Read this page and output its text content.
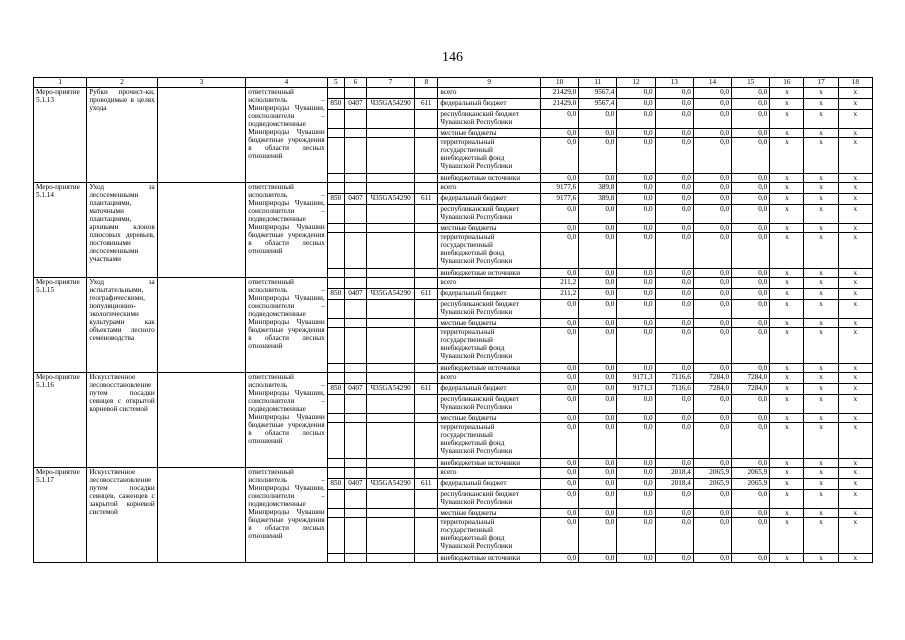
146
1	2	3	4	5	6	7	8	9	10	11	12	13	14	15	16	17	18
Меро-приятие 5.1.13	Рубки прочист-ки, проводимые в целях ухода		ответственный исполнитель – Минприроды Чувашии, соисполнители – подведомственные Минприроды Чувашии бюджетные учреждения в области лесных отношений					всего	21429,0	9567,4	0,0	0,0	0,0	0,0	х	х	х
				850	0407	Ч35GA54290	611	федеральный бюджет	21429,0	9567,4	0,0	0,0	0,0	0,0	х	х	х
								республиканский бюджет Чувашской Республики	0,0	0,0	0,0	0,0	0,0	0,0	х	х	х
								местные бюджеты	0,0	0,0	0,0	0,0	0,0	0,0	х	х	х
								территориальный государственный внебюджетный фонд Чувашской Республики	0,0	0,0	0,0	0,0	0,0	0,0	х	х	х
								внебюджетные источники	0,0	0,0	0,0	0,0	0,0	0,0	х	х	х
Меро-приятие 5.1.14	Уход за лесосеменными плантациями, маточными плантациями, архивами клонов плюсовых деревьев, постоянными лесосеменными участками		ответственный исполнитель – Минприроды Чувашии, соисполнители – подведомственные Минприроды Чувашии бюджетные учреждения в области лесных отношений					всего	9177,6	389,8	0,0	0,0	0,0	0,0	х	х	х
				850	0407	Ч35GA54290	611	федеральный бюджет	9177,6	389,8	0,0	0,0	0,0	0,0	х	х	х
								республиканский бюджет Чувашской Республики	0,0	0,0	0,0	0,0	0,0	0,0	х	х	х
								местные бюджеты	0,0	0,0	0,0	0,0	0,0	0,0	х	х	х
								территориальный государственный внебюджетный фонд Чувашской Республики	0,0	0,0	0,0	0,0	0,0	0,0	х	х	х
								внебюджетные источники	0,0	0,0	0,0	0,0	0,0	0,0	х	х	х
Меро-приятие 5.1.15	Уход за испытательными, географическими, популяционно-экологическими культурами как объектами лесного семеноводства		ответственный исполнитель – Минприроды Чувашии, соисполнители – подведомственные Минприроды Чувашии бюджетные учреждения в области лесных отношений					всего	211,2	0,0	0,0	0,0	0,0	0,0	х	х	х
				850	0407	Ч35GA54290	611	федеральный бюджет	211,2	0,0	0,0	0,0	0,0	0,0	х	х	х
								республиканский бюджет Чувашской Республики	0,0	0,0	0,0	0,0	0,0	0,0	х	х	х
								местные бюджеты	0,0	0,0	0,0	0,0	0,0	0,0	х	х	х
								территориальный государственный внебюджетный фонд Чувашской Республики	0,0	0,0	0,0	0,0	0,0	0,0	х	х	х
								внебюджетные источники	0,0	0,0	0,0	0,0	0,0	0,0	х	х	х
Меро-приятие 5.1.16	Искусственное лесовосстановление путем посадки сеянцев с открытой корневой системой		ответственный исполнитель – Минприроды Чувашии, соисполнители – подведомственные Минприроды Чувашии бюджетные учреждения в области лесных отношений					всего	0,0	0,0	9171,3	7116,6	7284,0	7284,0	х	х	х
				850	0407	Ч35GA54290	611	федеральный бюджет	0,0	0,0	9171,3	7116,6	7284,0	7284,0	х	х	х
								республиканский бюджет Чувашской Республики	0,0	0,0	0,0	0,0	0,0	0,0	х	х	х
								местные бюджеты	0,0	0,0	0,0	0,0	0,0	0,0	х	х	х
								территориальный государственный внебюджетный фонд Чувашской Республики	0,0	0,0	0,0	0,0	0,0	0,0	х	х	х
								внебюджетные источники	0,0	0,0	0,0	0,0	0,0	0,0	х	х	х
Меро-приятие 5.1.17	Искусственное лесовосстановление путем посадки сеянцев, саженцев с закрытой корневой системой		ответственный исполнитель – Минприроды Чувашии, соисполнители – подведомственные Минприроды Чувашии бюджетные учреждения в области лесных отношений					всего	0,0	0,0	0,0	2018,4	2065,9	2065,9	х	х	х
				850	0407	Ч35GA54290	611	федеральный бюджет	0,0	0,0	0,0	2018,4	2065,9	2065,9	х	х	х
								республиканский бюджет Чувашской Республики	0,0	0,0	0,0	0,0	0,0	0,0	х	х	х
								местные бюджеты	0,0	0,0	0,0	0,0	0,0	0,0	х	х	х
								территориальный государственный внебюджетный фонд Чувашской Республики	0,0	0,0	0,0	0,0	0,0	0,0	х	х	х
								внебюджетные источники	0,0	0,0	0,0	0,0	0,0	0,0	х	х	х
